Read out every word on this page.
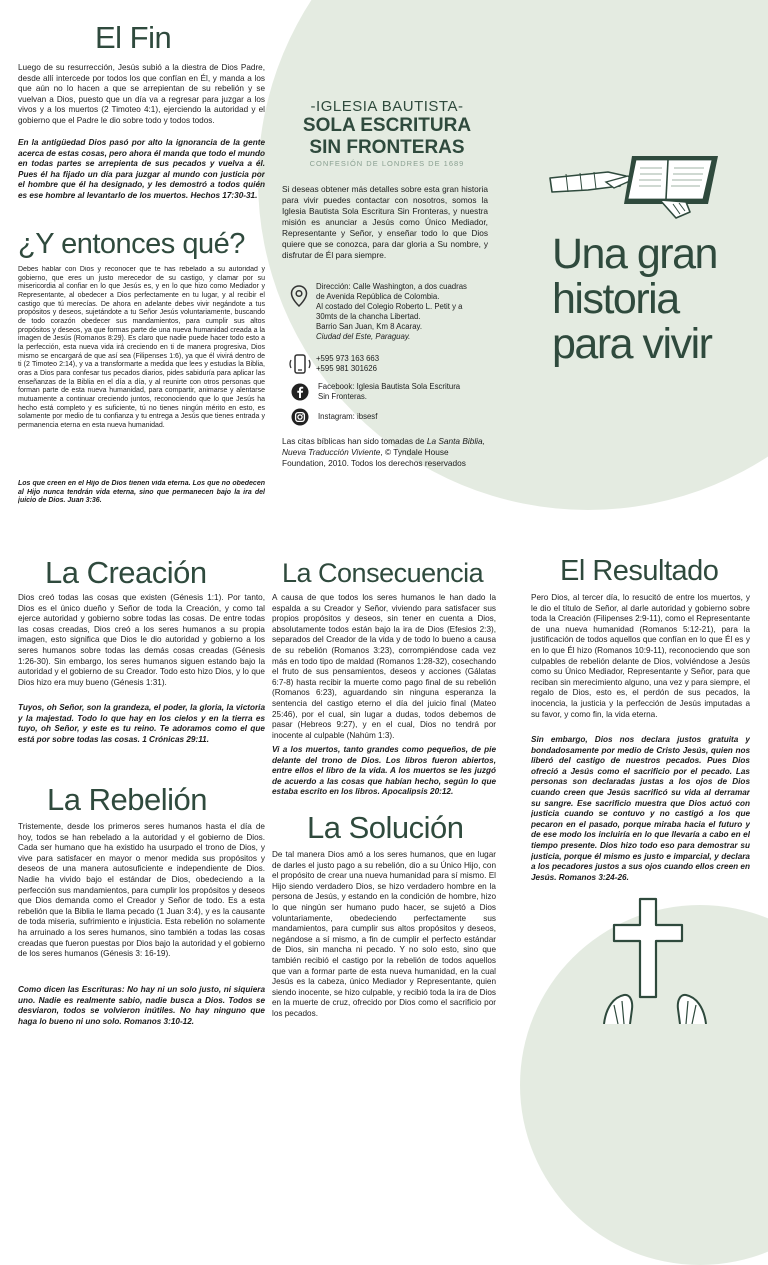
El Fin

Luego de su resurrección, Jesús subió a la diestra de Dios Padre, desde allí intercede por todos los que confían en Él, y manda a los que aún no lo hacen a que se arrepientan de su rebelión y se vuelvan a Dios, puesto que un día va a regresar para juzgar a los vivos y a los muertos (2 Timoteo 4:1), ejerciendo la autoridad y el gobierno que el Padre le dio sobre todo y todos todos.

En la antigüedad Dios pasó por alto la ignorancia de la gente acerca de estas cosas, pero ahora él manda que todo el mundo en todas partes se arrepienta de sus pecados y vuelva a él. Pues él ha fijado un día para juzgar al mundo con justicia por el hombre que él ha designado, y les demostró a todos quién es ese hombre al levantarlo de los muertos. Hechos 17:30-31.

¿Y entonces qué?

Debes hablar con Dios y reconocer que te has rebelado a su autoridad y gobierno, que eres un justo merecedor de su castigo, y clamar por su misericordia al confiar en lo que Jesús es, y en lo que hizo como Mediador y Representante, al obedecer a Dios perfectamente en tu lugar, y al recibir el castigo que tú merecías. De ahora en adelante debes vivir negándote a tus propósitos y deseos, sujetándote a tu Señor Jesús voluntariamente, buscando de todo corazón obedecer sus mandamientos, para cumplir sus altos propósitos y deseos, ya que formas parte de una nueva humanidad creada a la imagen de Jesús (Romanos 8:29). Es claro que nadie puede hacer todo esto a la perfección, esta nueva vida irá creciendo en ti de manera progresiva, Dios mismo se encargará de que así sea (Filipenses 1:6), ya que él vivirá dentro de ti (2 Timoteo 2:14), y va a transformarte a medida que lees y estudias la Biblia, oras a Dios para confesar tus pecados diarios, pides sabiduría para aplicar las enseñanzas de la Biblia en el día a día, y al reunirte con otros personas que forman parte de esta nueva humanidad, para compartir, animarse y alentarse mutuamente a continuar creciendo juntos, reconociendo que lo que Jesús ha hecho está completo y es suficiente, tú no tienes ningún mérito en esto, es solamente por medio de tu confianza y tu entrega a Jesús que tienes entrada y permanencia eterna en esta nueva humanidad.

Los que creen en el Hijo de Dios tienen vida eterna. Los que no obedecen al Hijo nunca tendrán vida eterna, sino que permanecen bajo la ira del juicio de Dios. Juan 3:36.

-IGLESIA BAUTISTA-
SOLA ESCRITURA
SIN FRONTERAS
CONFESIÓN DE LONDRES DE 1689

Si deseas obtener más detalles sobre esta gran historia para vivir puedes contactar con nosotros, somos la Iglesia Bautista Sola Escritura Sin Fronteras, y nuestra misión es anunciar a Jesús como Único Mediador, Representante y Señor, y enseñar todo lo que Dios quiere que se conozca, para dar gloria a Su nombre, y disfrutar de Él para siempre.

Dirección: Calle Washington, a dos cuadras
de Avenida República de Colombia.
Al costado del Colegio Roberto L. Petit y a
30mts de la chancha Libertad.
Barrio San Juan, Km 8 Acaray.
Ciudad del Este, Paraguay.
+595 973 163 663
+595 981 301626
Facebook: Iglesia Bautista Sola Escritura
Sin Fronteras.
Instagram: ibsesf

Las citas bíblicas han sido tomadas de La Santa Biblia, Nueva Traducción Viviente, © Tyndale House Foundation, 2010. Todos los derechos reservados

Una gran
historia
para vivir
La Creación

Dios creó todas las cosas que existen (Génesis 1:1). Por tanto, Dios es el único dueño y Señor de toda la Creación, y como tal ejerce autoridad y gobierno sobre todas las cosas. De entre todas las cosas creadas, Dios creó a los seres humanos a su propia imagen, esto significa que Dios le dio autoridad y gobierno a los seres humanos sobre todas las demás cosas creadas (Génesis 1:26-30). Sin embargo, los seres humanos siguen estando bajo la autoridad y el gobierno de su Creador. Todo esto hizo Dios, y lo que Dios hizo era muy bueno (Génesis 1:31).

Tuyos, oh Señor, son la grandeza, el poder, la gloria, la victoria y la majestad. Todo lo que hay en los cielos y en la tierra es tuyo, oh Señor, y este es tu reino. Te adoramos como el que está por sobre todas las cosas. 1 Crónicas 29:11.

La Rebelión

Tristemente, desde los primeros seres humanos hasta el día de hoy, todos se han rebelado a la autoridad y el gobierno de Dios. Cada ser humano que ha existido ha usurpado el trono de Dios, y vive para satisfacer en mayor o menor medida sus propósitos y deseos de una manera autosuficiente e independiente de Dios. Nadie ha vivido bajo el estándar de Dios, obedeciendo a la perfección sus mandamientos, para cumplir los propósitos y deseos que Dios demanda como el Creador y Señor de todo. Es a esta rebelión que la Biblia le llama pecado (1 Juan 3:4), y es la causante de toda miseria, sufrimiento e injusticia. Esta rebelión no solamente ha arruinado a los seres humanos, sino también a todas las cosas creadas que fueron puestas por Dios bajo la autoridad y el gobierno de los seres humanos (Génesis 3: 16-19).

Como dicen las Escrituras: No hay ni un solo justo, ni siquiera uno. Nadie es realmente sabio, nadie busca a Dios. Todos se desviaron, todos se volvieron inútiles. No hay ninguno que haga lo bueno ni uno solo. Romanos 3:10-12.

La Consecuencia

A causa de que todos los seres humanos le han dado la espalda a su Creador y Señor, viviendo para satisfacer sus propios propósitos y deseos, sin tener en cuenta a Dios, absolutamente todos están bajo la ira de Dios (Efesios 2:3), separados del Creador de la vida y de todo lo bueno a causa de su rebelión (Romanos 3:23), corrompiéndose cada vez más en todo tipo de maldad (Romanos 1:28-32), cosechando el fruto de sus pensamientos, deseos y acciones (Gálatas 6:7-8) hasta recibir la muerte como pago final de su rebelión (Romanos 6:23), aguardando sin ninguna esperanza la sentencia del castigo eterno el día del juicio final (Mateo 25:46), por el cual, sin lugar a dudas, todos debemos de pasar (Hebreos 9:27), y en el cual, Dios no tendrá por inocente al culpable (Nahúm 1:3).

Vi a los muertos, tanto grandes como pequeños, de pie delante del trono de Dios. Los libros fueron abiertos, entre ellos el libro de la vida. A los muertos se les juzgó de acuerdo a las cosas que habían hecho, según lo que estaba escrito en los libros. Apocalipsis 20:12.

La Solución

De tal manera Dios amó a los seres humanos, que en lugar de darles el justo pago a su rebelión, dio a su Único Hijo, con el propósito de crear una nueva humanidad para sí mismo. El Hijo siendo verdadero Dios, se hizo verdadero hombre en la persona de Jesús, y estando en la condición de hombre, hizo lo que ningún ser humano pudo hacer, se sujetó a Dios voluntariamente, obedeciendo perfectamente sus mandamientos, para cumplir sus altos propósitos y deseos, negándose a sí mismo, a fin de cumplir el perfecto estándar de Dios, sin mancha ni pecado. Y no solo esto, sino que también recibió el castigo por la rebelión de todos aquellos que van a formar parte de esta nueva humanidad, en la cual Jesús es la cabeza, único Mediador y Representante, quien siendo inocente, se hizo culpable, y recibió toda la ira de Dios en la muerte de cruz, ofrecido por Dios como el sacrificio por los pecados.

El Resultado

Pero Dios, al tercer día, lo resucitó de entre los muertos, y le dio el título de Señor, al darle autoridad y gobierno sobre toda la Creación (Filipenses 2:9-11), como el Representante de una nueva humanidad (Romanos 5:12-21), para la justificación de todos aquellos que confían en lo que Él es y en lo que Él hizo (Romanos 10:9-11), reconociendo que son culpables de rebelión delante de Dios, volviéndose a Jesús como su Único Mediador, Representante y Señor, para que reciban sin merecimiento alguno, una vez y para siempre, el regalo de Dios, esto es, el perdón de sus pecados, la inocencia, la justicia y la perfección de Jesús imputadas a su favor, y como fin, la vida eterna.

Sin embargo, Dios nos declara justos gratuita y bondadosamente por medio de Cristo Jesús, quien nos liberó del castigo de nuestros pecados. Pues Dios ofreció a Jesús como el sacrificio por el pecado. Las personas son declaradas justas a los ojos de Dios cuando creen que Jesús sacrificó su vida al derramar su sangre. Ese sacrificio muestra que Dios actuó con justicia cuando se contuvo y no castigó a los que pecaron en el pasado, porque miraba hacia el futuro y de ese modo los incluiría en lo que llevaría a cabo en el tiempo presente. Dios hizo todo eso para demostrar su justicia, porque él mismo es justo e imparcial, y declara a los pecadores justos a sus ojos cuando ellos creen en Jesús. Romanos 3:24-26.
